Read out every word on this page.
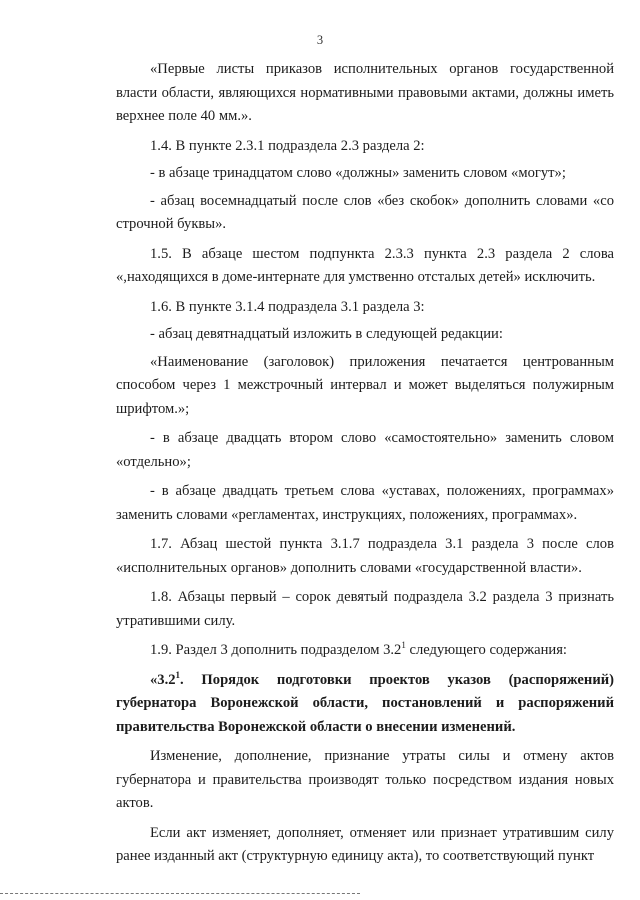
3

«Первые листы приказов исполнительных органов государственной власти области, являющихся нормативными правовыми актами, должны иметь верхнее поле 40 мм.».

1.4. В пункте 2.3.1 подраздела 2.3 раздела 2:

- в абзаце тринадцатом слово «должны» заменить словом «могут»;

- абзац восемнадцатый после слов «без скобок» дополнить словами «со строчной буквы».

1.5. В абзаце шестом подпункта 2.3.3 пункта 2.3 раздела 2 слова «,находящихся в доме-интернате для умственно отсталых детей» исключить.

1.6. В пункте 3.1.4 подраздела 3.1 раздела 3:

- абзац девятнадцатый изложить в следующей редакции:

«Наименование (заголовок) приложения печатается центрованным способом через 1 межстрочный интервал и может выделяться полужирным шрифтом.»;

- в абзаце двадцать втором слово «самостоятельно» заменить словом «отдельно»;

- в абзаце двадцать третьем слова «уставах, положениях, программах» заменить словами «регламентах, инструкциях, положениях, программах».

1.7. Абзац шестой пункта 3.1.7 подраздела 3.1 раздела 3 после слов «исполнительных органов» дополнить словами «государственной власти».

1.8. Абзацы первый – сорок девятый подраздела 3.2 раздела 3 признать утратившими силу.

1.9. Раздел 3 дополнить подразделом $3.2^1$ следующего содержания:

«$3.2^1$. Порядок подготовки проектов указов (распоряжений) губернатора Воронежской области, постановлений и распоряжений правительства Воронежской области о внесении изменений.

Изменение, дополнение, признание утраты силы и отмену актов губернатора и правительства производят только посредством издания новых актов.

Если акт изменяет, дополняет, отменяет или признает утратившим силу ранее изданный акт (структурную единицу акта), то соответствующий пункт
